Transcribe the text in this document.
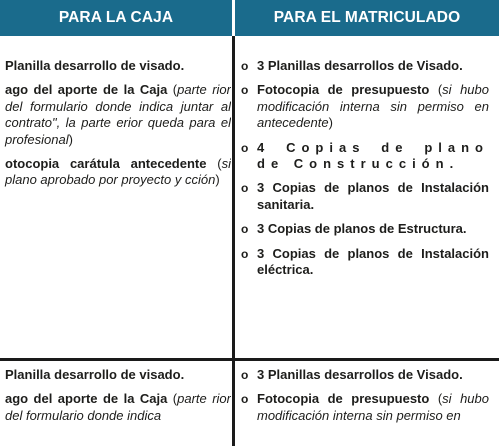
PARA LA CAJA	PARA EL MATRICULADO
Planilla desarrollo de visado.
ago del aporte de la Caja (parte rior del formulario donde indica juntar al contrato", la parte erior queda para el profesional)
otocopia carátula antecedente (si plano aprobado por proyecto y cción)
o 3 Planillas desarrollos de Visado.
o Fotocopia de presupuesto (si hubo modificación interna sin permiso en antecedente)
o 4 Copias de plano de Construcción.
o 3 Copias de planos de Instalación sanitaria.
o 3 Copias de planos de Estructura.
o 3 Copias de planos de Instalación eléctrica.
Planilla desarrollo de visado.
ago del aporte de la Caja (parte rior del formulario donde indica
o 3 Planillas desarrollos de Visado.
o Fotocopia de presupuesto (si hubo modificación interna sin permiso en
